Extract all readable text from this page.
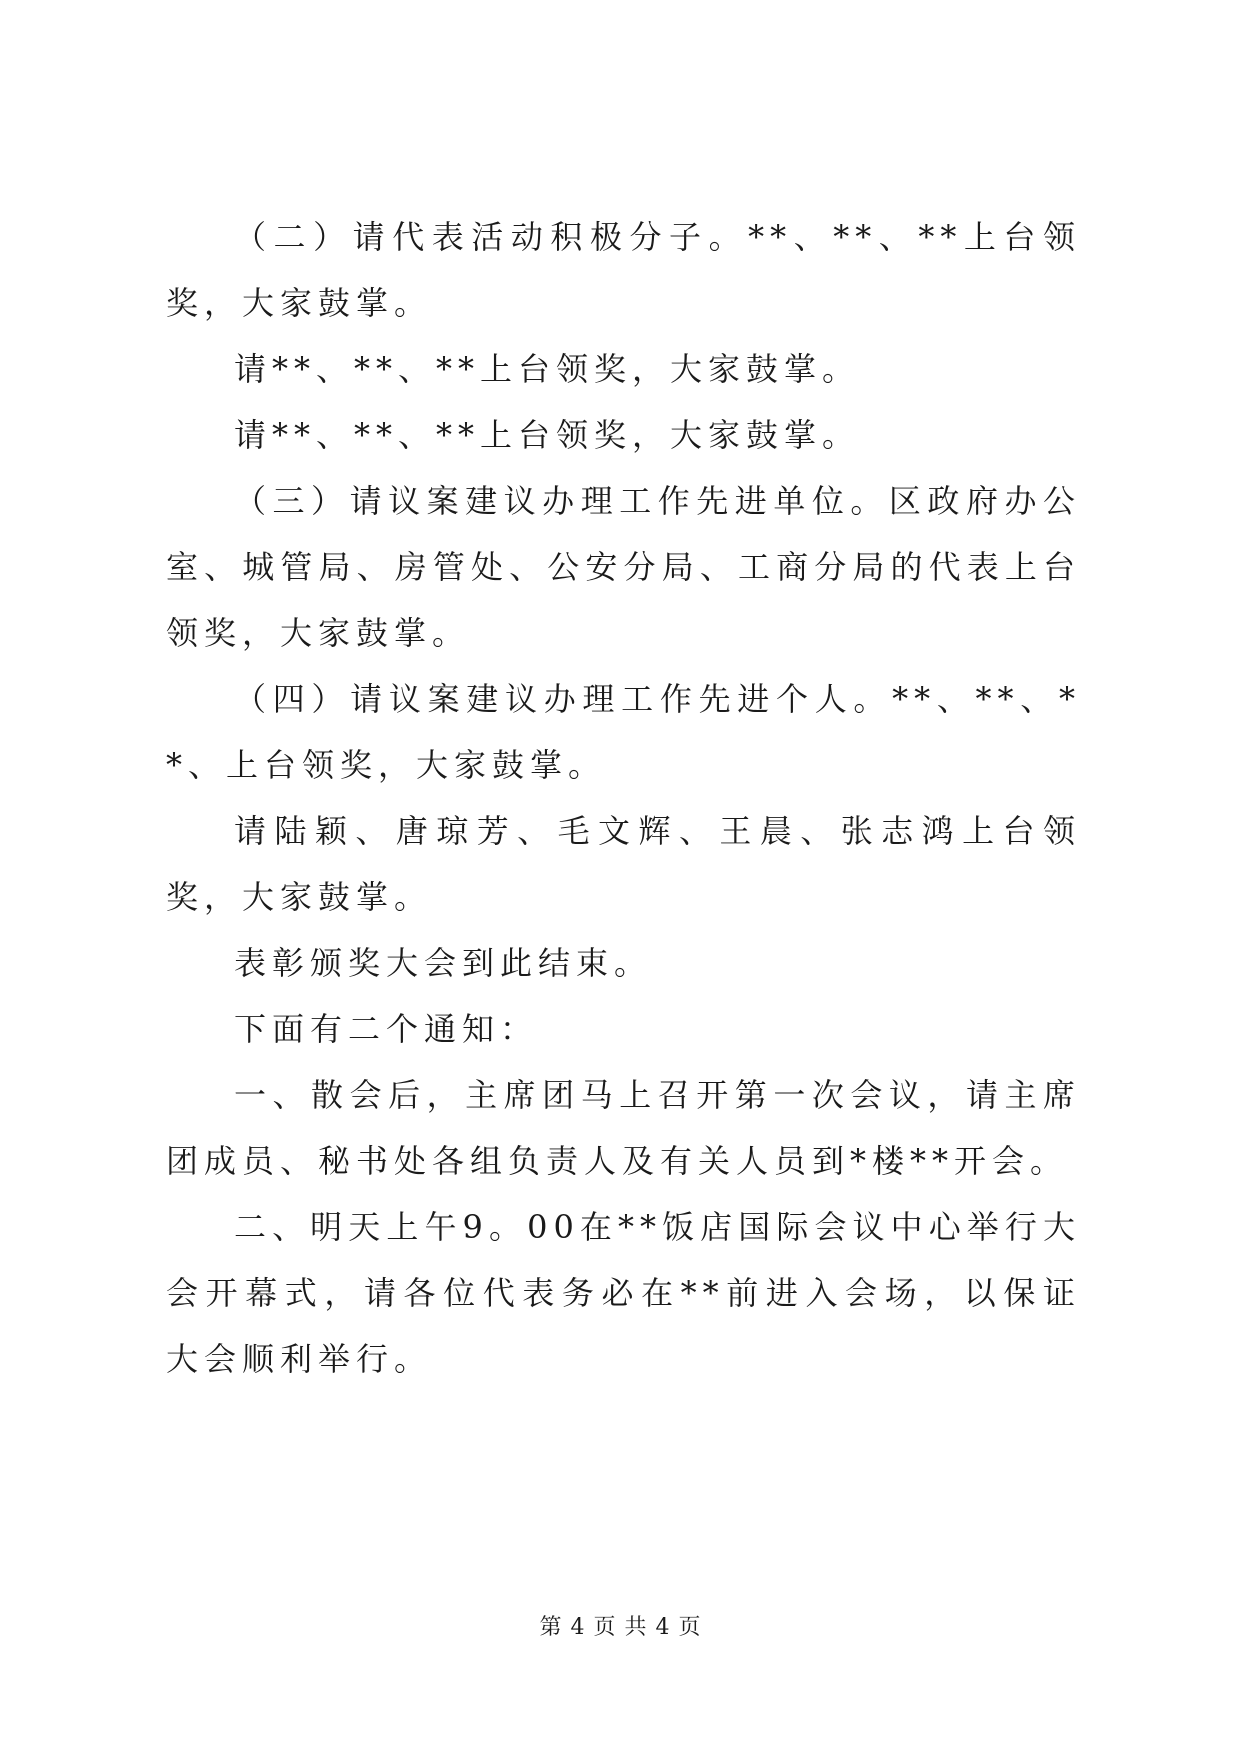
（二）请代表活动积极分子。**、**、**上台领奖，大家鼓掌。

请**、**、**上台领奖，大家鼓掌。

请**、**、**上台领奖，大家鼓掌。

（三）请议案建议办理工作先进单位。区政府办公室、城管局、房管处、公安分局、工商分局的代表上台领奖，大家鼓掌。

（四）请议案建议办理工作先进个人。**、**、**、上台领奖，大家鼓掌。

请陆颖、唐琼芳、毛文辉、王晨、张志鸿上台领奖，大家鼓掌。

表彰颁奖大会到此结束。

下面有二个通知：

一、散会后，主席团马上召开第一次会议，请主席团成员、秘书处各组负责人及有关人员到*楼**开会。

二、明天上午9。00在**饭店国际会议中心举行大会开幕式，请各位代表务必在**前进入会场，以保证大会顺利举行。

第 4 页 共 4 页
